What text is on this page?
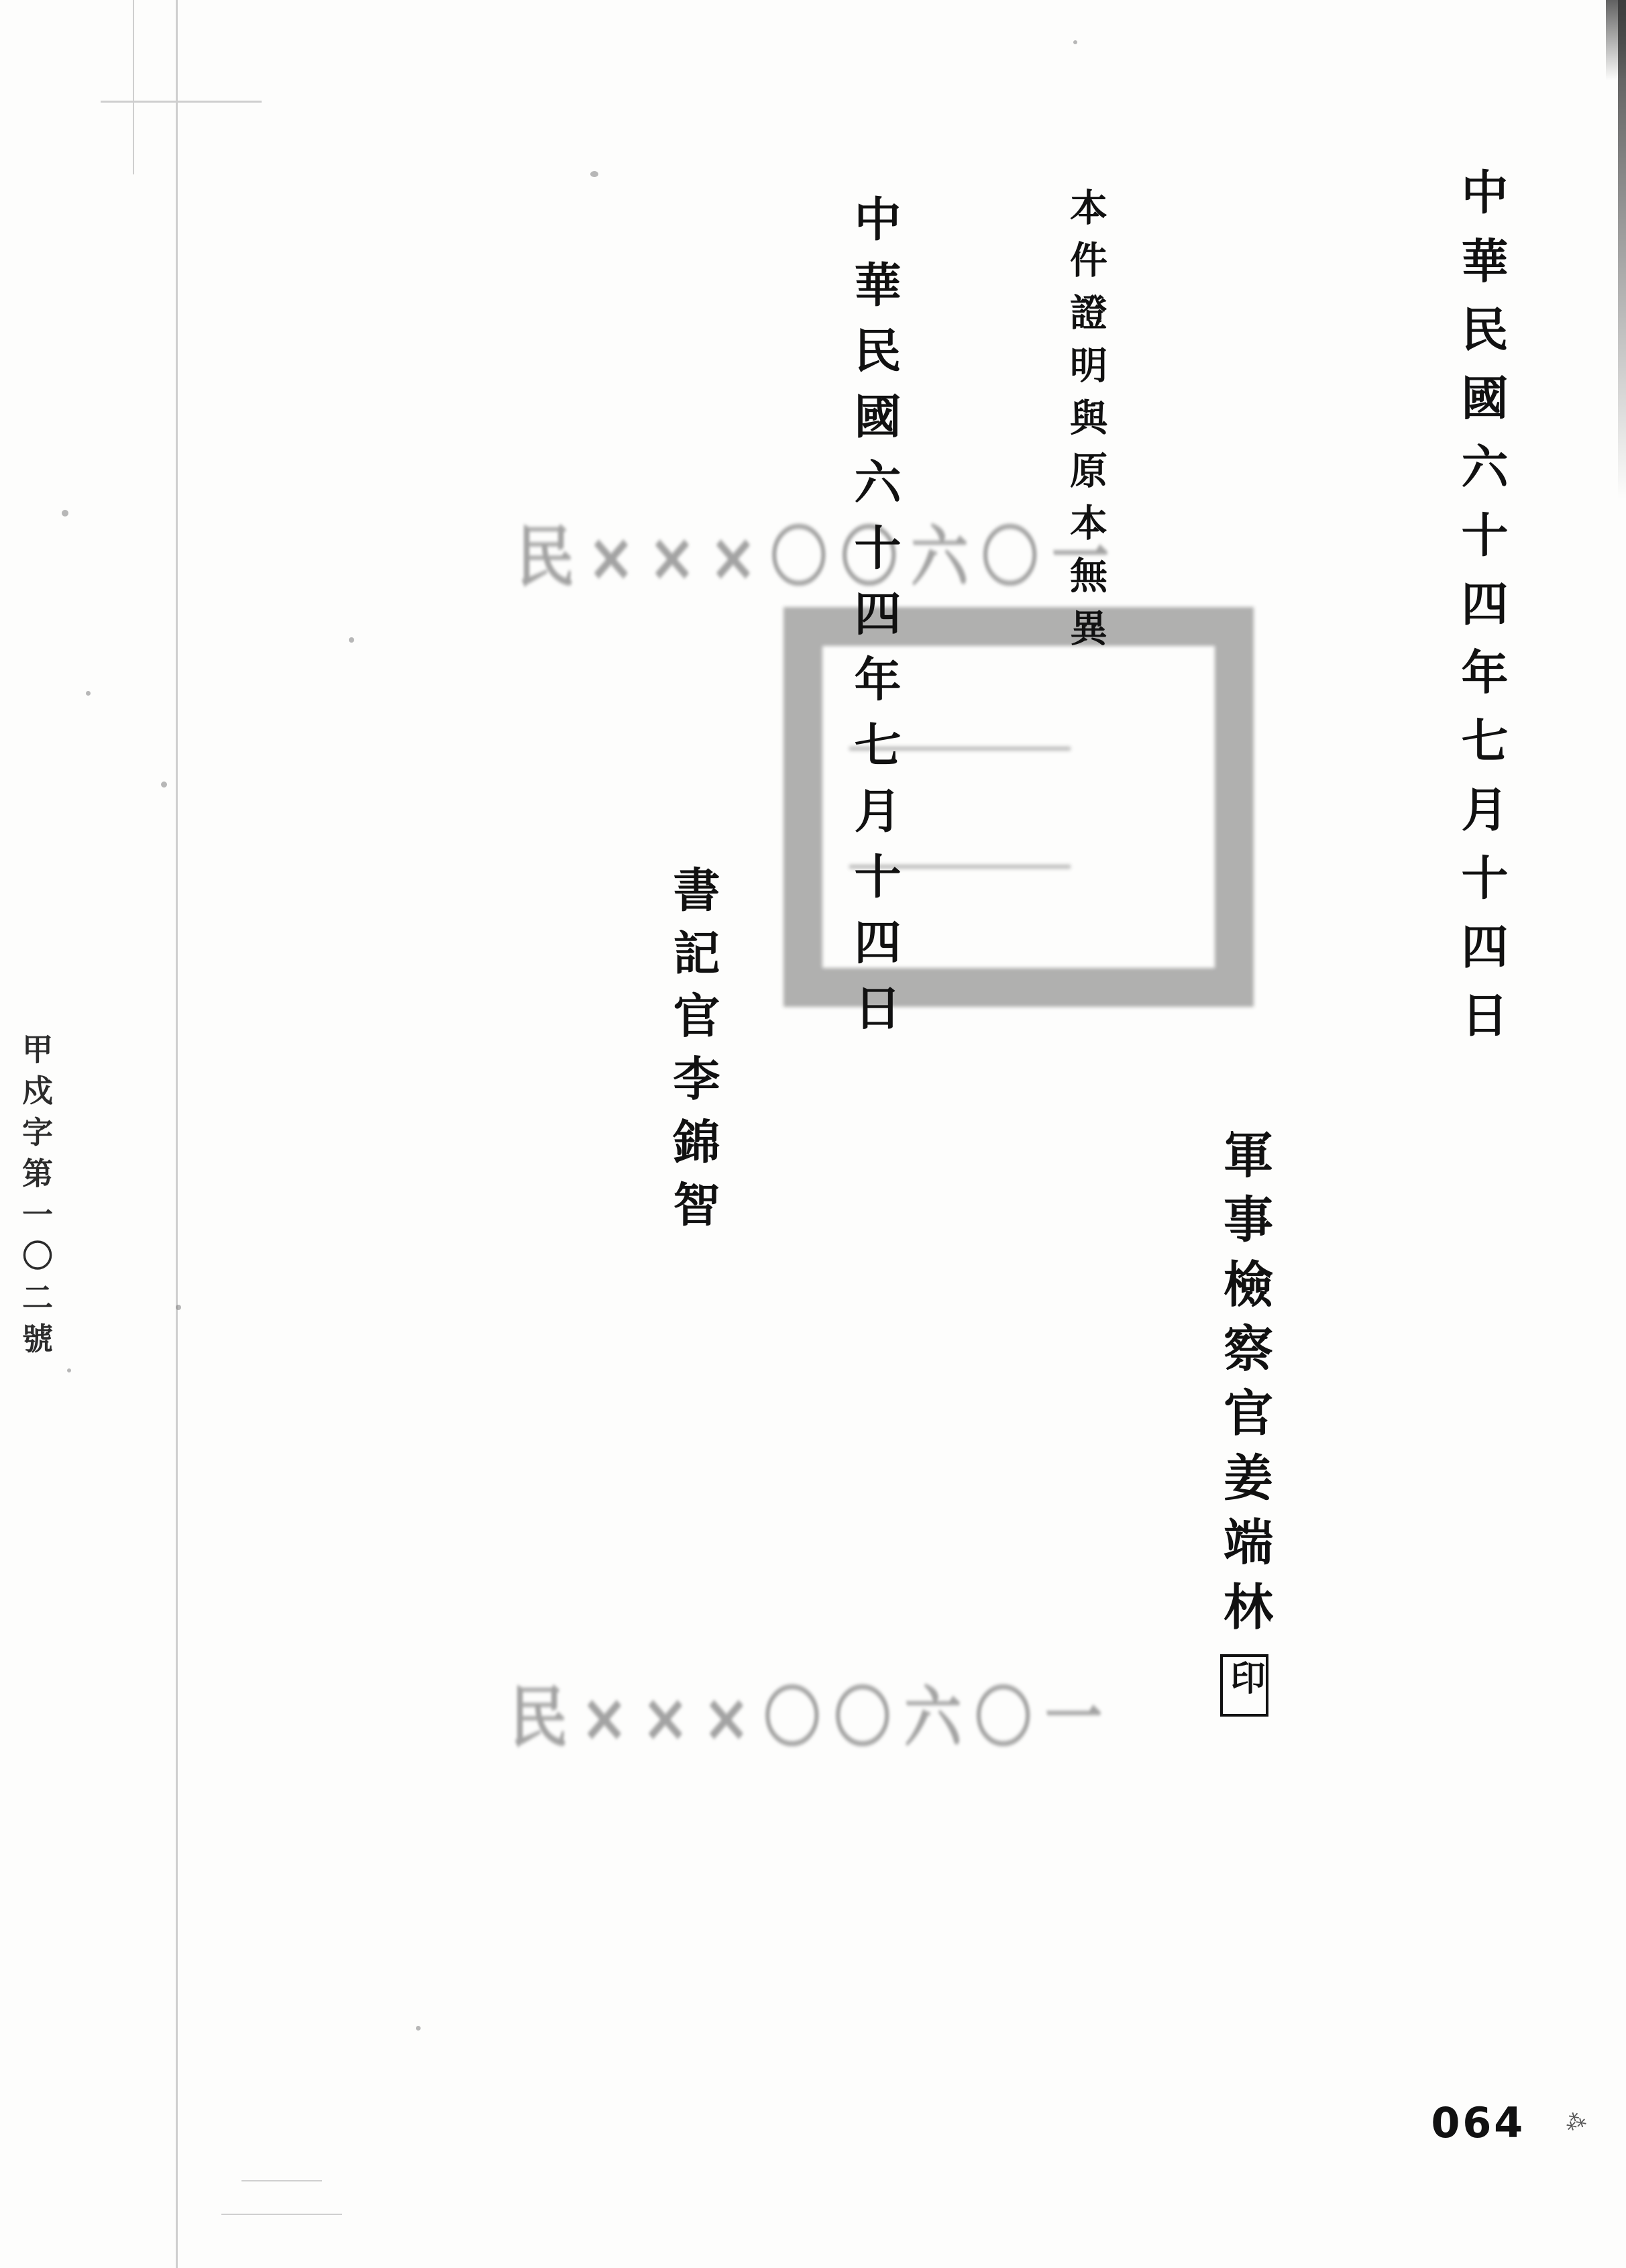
民×××〇〇六〇一
民×××〇〇六〇一
中華民國六十四年七月十四日

軍事檢察官姜端林印

本件證明與原本無異
中華民國六十四年七月十四日
書記官李錦智
甲戍字第一〇二號
064 ⁂
